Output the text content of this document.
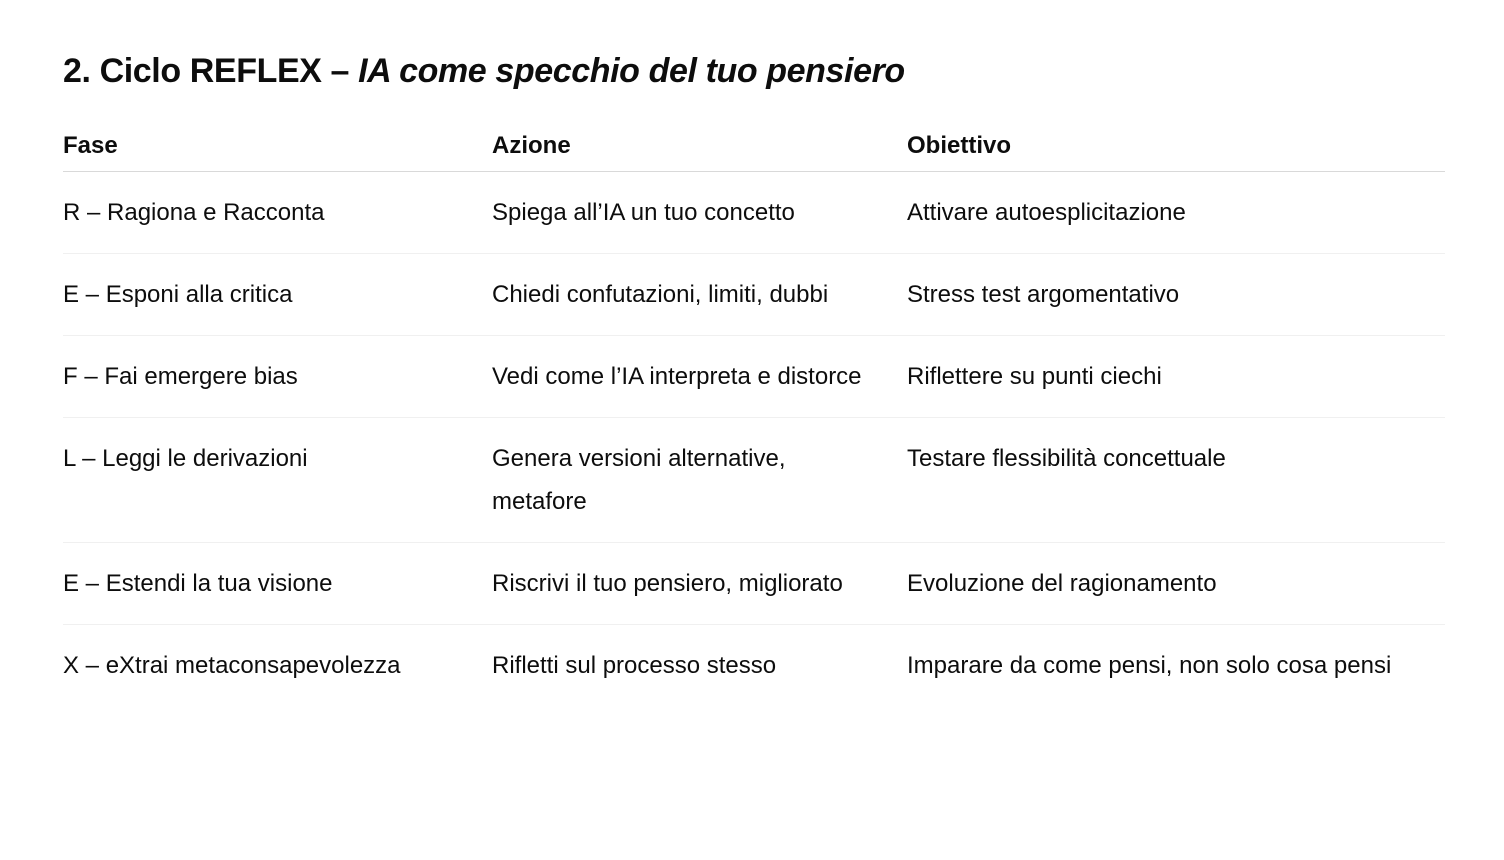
2. Ciclo REFLEX – IA come specchio del tuo pensiero
Fase	Azione	Obiettivo

R – Ragiona e Racconta	Spiega all’IA un tuo concetto	Attivare autoesplicitazione

E – Esponi alla critica	Chiedi confutazioni, limiti, dubbi	Stress test argomentativo

F – Fai emergere bias	Vedi come l’IA interpreta e distorce	Riflettere su punti ciechi

L – Leggi le derivazioni	Genera versioni alternative, metafore	Testare flessibilità concettuale

E – Estendi la tua visione	Riscrivi il tuo pensiero, migliorato	Evoluzione del ragionamento

X – eXtrai metaconsapevolezza	Rifletti sul processo stesso	Imparare da come pensi, non solo cosa pensi
